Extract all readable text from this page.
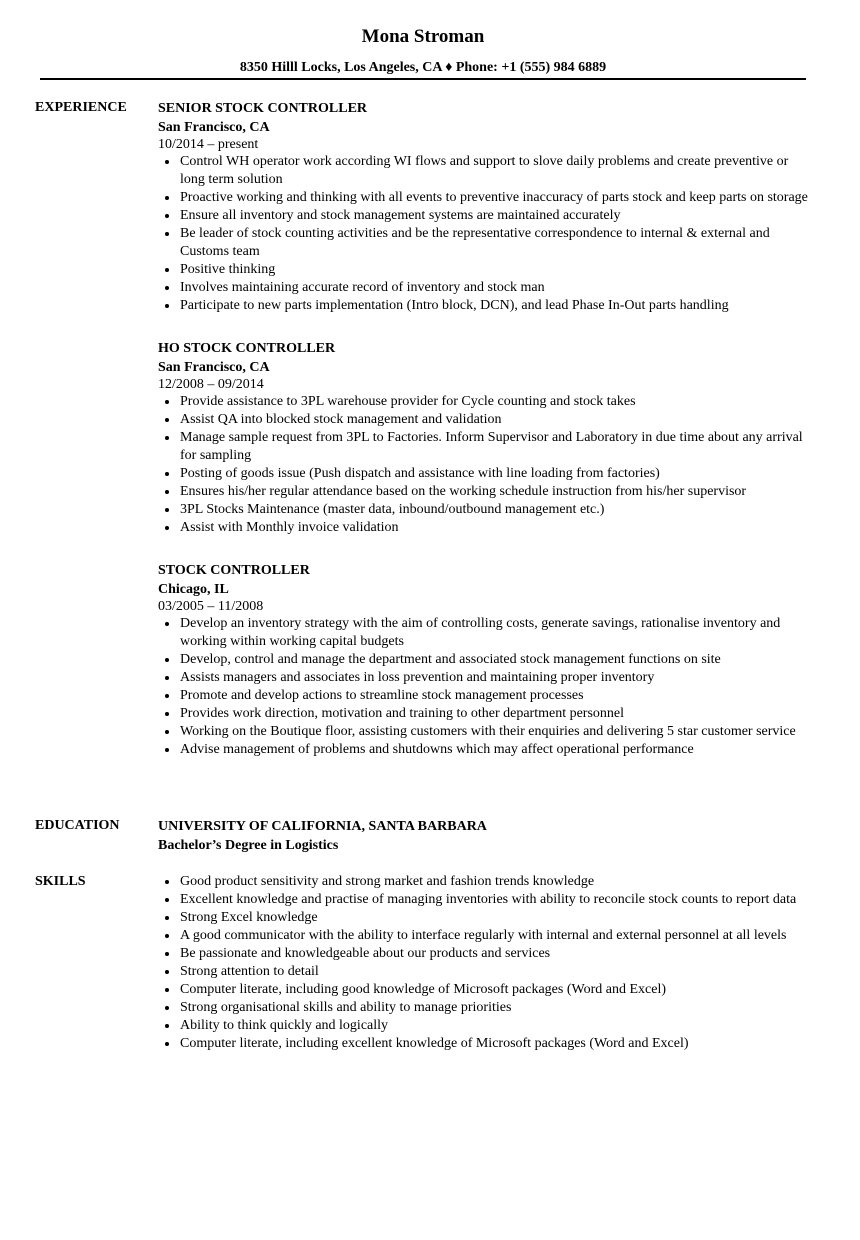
Mona Stroman
8350 Hilll Locks, Los Angeles, CA ♦ Phone: +1 (555) 984 6889
EXPERIENCE SENIOR STOCK CONTROLLER
San Francisco, CA
10/2014 – present
Control WH operator work according WI flows and support to slove daily problems and create preventive or long term solution
Proactive working and thinking with all events to preventive inaccuracy of parts stock and keep parts on storage
Ensure all inventory and stock management systems are maintained accurately
Be leader of stock counting activities and be the representative correspondence to internal & external and Customs team
Positive thinking
Involves maintaining accurate record of inventory and stock man
Participate to new parts implementation (Intro block, DCN), and lead Phase In-Out parts handling
HO STOCK CONTROLLER
San Francisco, CA
12/2008 – 09/2014
Provide assistance to 3PL warehouse provider for Cycle counting and stock takes
Assist QA into blocked stock management and validation
Manage sample request from 3PL to Factories. Inform Supervisor and Laboratory in due time about any arrival for sampling
Posting of goods issue (Push dispatch and assistance with line loading from factories)
Ensures his/her regular attendance based on the working schedule instruction from his/her supervisor
3PL Stocks Maintenance (master data, inbound/outbound management etc.)
Assist with Monthly invoice validation
STOCK CONTROLLER
Chicago, IL
03/2005 – 11/2008
Develop an inventory strategy with the aim of controlling costs, generate savings, rationalise inventory and working within working capital budgets
Develop, control and manage the department and associated stock management functions on site
Assists managers and associates in loss prevention and maintaining proper inventory
Promote and develop actions to streamline stock management processes
Provides work direction, motivation and training to other department personnel
Working on the Boutique floor, assisting customers with their enquiries and delivering 5 star customer service
Advise management of problems and shutdowns which may affect operational performance
EDUCATION	UNIVERSITY OF CALIFORNIA, SANTA BARBARA
Bachelor’s Degree in Logistics
SKILLS	Good product sensitivity and strong market and fashion trends knowledge
Excellent knowledge and practise of managing inventories with ability to reconcile stock counts to report data
Strong Excel knowledge
A good communicator with the ability to interface regularly with internal and external personnel at all levels
Be passionate and knowledgeable about our products and services
Strong attention to detail
Computer literate, including good knowledge of Microsoft packages (Word and Excel)
Strong organisational skills and ability to manage priorities
Ability to think quickly and logically
Computer literate, including excellent knowledge of Microsoft packages (Word and Excel)
